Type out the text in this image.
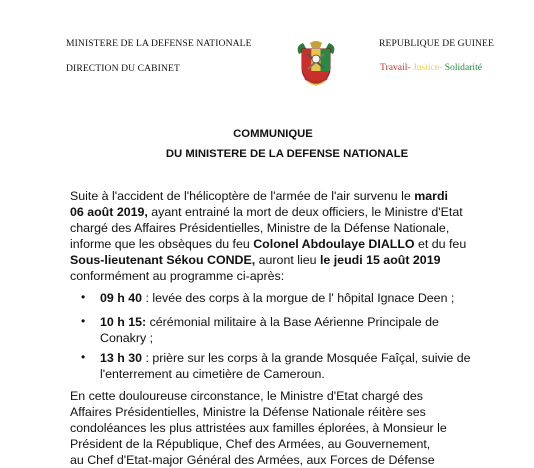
MINISTERE DE LA DEFENSE NATIONALE
DIRECTION DU CABINET
REPUBLIQUE DE GUINEE
Travail- Justice- Solidarité
COMMUNIQUE
DU MINISTERE DE LA DEFENSE NATIONALE
Suite à l'accident de l'hélicoptère de l'armée de l'air survenu le mardi
06 août 2019, ayant entrainé la mort de deux officiers, le Ministre d'Etat
chargé des Affaires Présidentielles, Ministre de la Défense Nationale,
informe que les obsèques du feu Colonel Abdoulaye DIALLO et du feu
Sous-lieutenant Sékou CONDE, auront lieu le jeudi 15 août 2019
conformément au programme ci-après:
•	09 h 40 : levée des corps à la morgue de l' hôpital Ignace Deen ;
•	10 h 15: cérémonial militaire à la Base Aérienne Principale de
Conakry ;
•	13 h 30 : prière sur les corps à la grande Mosquée Faîçal, suivie de
l'enterrement au cimetière de Cameroun.
En cette douloureuse circonstance, le Ministre d'Etat chargé des
Affaires Présidentielles, Ministre la Défense Nationale réitère ses
condoléances les plus attristées aux familles éplorées, à Monsieur le
Président de la République, Chef des Armées, au Gouvernement,
au Chef d'Etat-major Général des Armées, aux Forces de Défense
